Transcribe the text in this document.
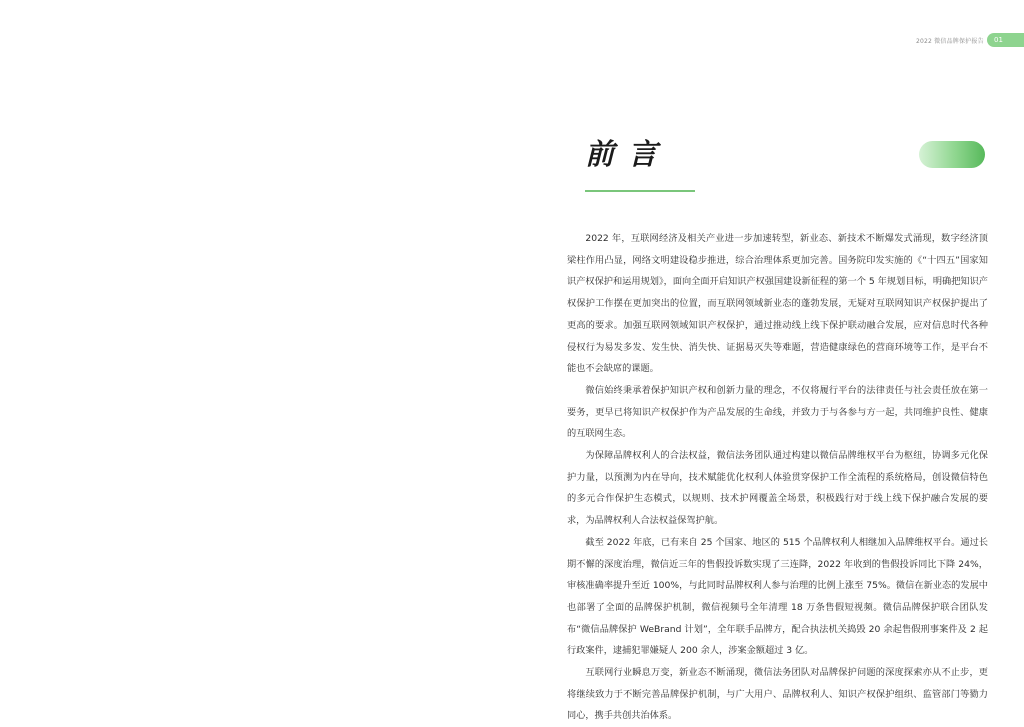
2022 微信品牌保护报告	01
前言

2022 年，互联网经济及相关产业进一步加速转型，新业态、新技术不断爆发式涌现，数字经济顶梁柱作用凸显，网络文明建设稳步推进，综合治理体系更加完善。国务院印发实施的《“十四五”国家知识产权保护和运用规划》，面向全面开启知识产权强国建设新征程的第一个 5 年规划目标，明确把知识产权保护工作摆在更加突出的位置，而互联网领域新业态的蓬勃发展，无疑对互联网知识产权保护提出了更高的要求。加强互联网领域知识产权保护，通过推动线上线下保护联动融合发展，应对信息时代各种侵权行为易发多发、发生快、消失快、证据易灭失等难题，营造健康绿色的营商环境等工作，是平台不能也不会缺席的课题。

微信始终秉承着保护知识产权和创新力量的理念，不仅将履行平台的法律责任与社会责任放在第一要务，更早已将知识产权保护作为产品发展的生命线，并致力于与各参与方一起，共同维护良性、健康的互联网生态。

为保障品牌权利人的合法权益，微信法务团队通过构建以微信品牌维权平台为枢纽，协调多元化保护力量，以预测为内在导向，技术赋能优化权利人体验贯穿保护工作全流程的系统格局，创设微信特色的多元合作保护生态模式，以规则、技术护网覆盖全场景，积极践行对于线上线下保护融合发展的要求，为品牌权利人合法权益保驾护航。

截至 2022 年底，已有来自 25 个国家、地区的 515 个品牌权利人相继加入品牌维权平台。通过长期不懈的深度治理，微信近三年的售假投诉数实现了三连降，2022 年收到的售假投诉同比下降 24%，审核准确率提升至近 100%，与此同时品牌权利人参与治理的比例上涨至 75%。微信在新业态的发展中也部署了全面的品牌保护机制，微信视频号全年清理 18 万条售假短视频。微信品牌保护联合团队发布“微信品牌保护 WeBrand 计划”，全年联手品牌方，配合执法机关捣毁 20 余起售假刑事案件及 2 起行政案件，逮捕犯罪嫌疑人 200 余人，涉案金额超过 3 亿。

互联网行业瞬息万变，新业态不断涌现，微信法务团队对品牌保护问题的深度探索亦从不止步，更将继续致力于不断完善品牌保护机制，与广大用户、品牌权利人、知识产权保护组织、监管部门等勠力同心，携手共创共治体系。
